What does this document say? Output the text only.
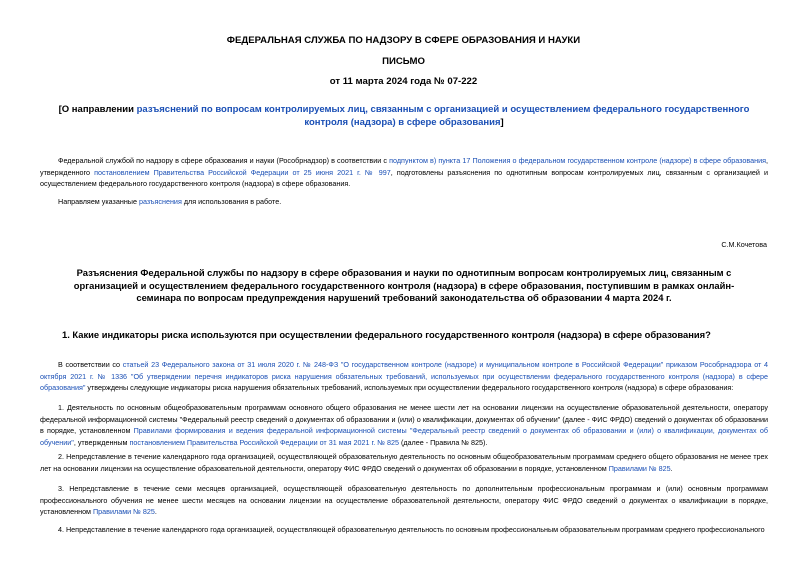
ФЕДЕРАЛЬНАЯ СЛУЖБА ПО НАДЗОРУ В СФЕРЕ ОБРАЗОВАНИЯ И НАУКИ
ПИСЬМО
от 11 марта 2024 года № 07-222
[О направлении разъяснений по вопросам контролируемых лиц, связанным с организацией и осуществлением федерального государственного контроля (надзора) в сфере образования]
Федеральной службой по надзору в сфере образования и науки (Рособрнадзор) в соответствии с подпунктом в) пункта 17 Положения о федеральном государственном контроле (надзоре) в сфере образования, утвержденного постановлением Правительства Российской Федерации от 25 июня 2021 г. № 997, подготовлены разъяснения по однотипным вопросам контролируемых лиц, связанным с организацией и осуществлением федерального государственного контроля (надзора) в сфере образования.
Направляем указанные разъяснения для использования в работе.
С.М.Кочетова
Разъяснения Федеральной службы по надзору в сфере образования и науки по однотипным вопросам контролируемых лиц, связанным с организацией и осуществлением федерального государственного контроля (надзора) в сфере образования, поступившим в рамках онлайн-семинара по вопросам предупреждения нарушений требований законодательства об образовании 4 марта 2024 г.
1. Какие индикаторы риска используются при осуществлении федерального государственного контроля (надзора) в сфере образования?
В соответствии со статьей 23 Федерального закона от 31 июля 2020 г. № 248-ФЗ "О государственном контроле (надзоре) и муниципальном контроле в Российской Федерации" приказом Рособрнадзора от 4 октября 2021 г. № 1336 "Об утверждении перечня индикаторов риска нарушения обязательных требований, используемых при осуществлении федерального государственного контроля (надзора) в сфере образования" утверждены следующие индикаторы риска нарушения обязательных требований, используемых при осуществлении федерального государственного контроля (надзора) в сфере образования:
1. Деятельность по основным общеобразовательным программам основного общего образования не менее шести лет на основании лицензии на осуществление образовательной деятельности, оператору федеральной информационной системы "Федеральный реестр сведений о документах об образовании и (или) о квалификации, документах об обучении" (далее - ФИС ФРДО) сведений о документах об образовании в порядке, установленном Правилами формирования и ведения федеральной информационной системы "Федеральный реестр сведений о документах об образовании и (или) о квалификации, документах об обучении", утвержденным постановлением Правительства Российской Федерации от 31 мая 2021 г. № 825 (далее - Правила № 825).
2. Непредставление в течение календарного года организацией, осуществляющей образовательную деятельность по основным общеобразовательным программам среднего общего образования не менее трех лет на основании лицензии на осуществление образовательной деятельности, оператору ФИС ФРДО сведений о документах об образовании в порядке, установленном Правилами № 825.
3. Непредставление в течение семи месяцев организацией, осуществляющей образовательную деятельность по дополнительным профессиональным программам и (или) основным программам профессионального обучения не менее шести месяцев на основании лицензии на осуществление образовательной деятельности, оператору ФИС ФРДО сведений о документах о квалификации в порядке, установленном Правилами № 825.
4. Непредставление в течение календарного года организацией, осуществляющей образовательную деятельность по основным профессиональным образовательным программам среднего профессионального
